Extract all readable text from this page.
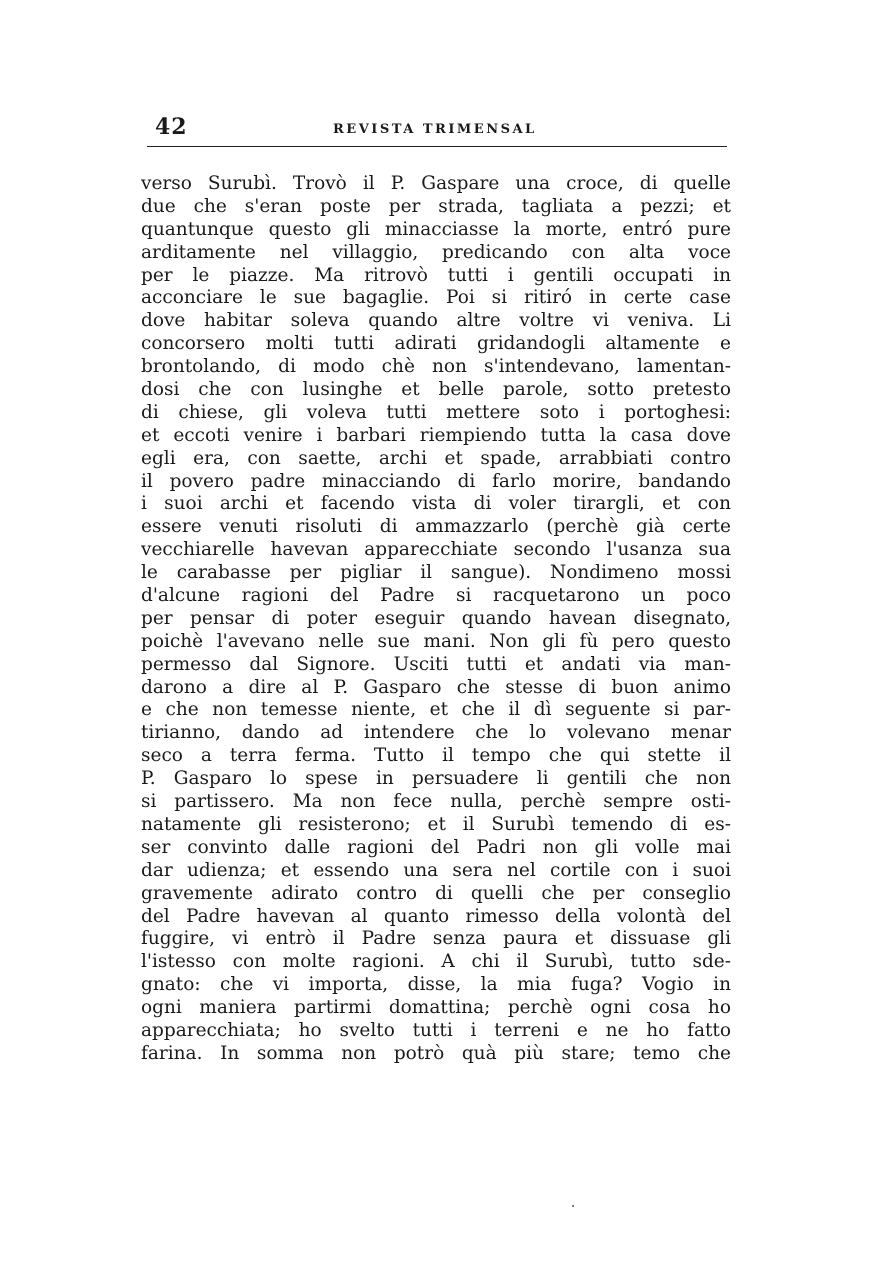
42	REVISTA TRIMENSAL
verso Surubì. Trovò il P. Gaspare una croce, di quelle
due che s'eran poste per strada, tagliata a pezzi; et
quantunque questo gli minacciasse la morte, entró pure
arditamente nel villaggio, predicando con alta voce
per le piazze. Ma ritrovò tutti i gentili occupati in
acconciare le sue bagaglie. Poi si ritiró in certe case
dove habitar soleva quando altre voltre vi veniva. Li
concorsero molti tutti adirati gridandogli altamente e
brontolando, di modo chè non s'intendevano, lamentan-
dosi che con lusinghe et belle parole, sotto pretesto
di chiese, gli voleva tutti mettere soto i portoghesi:
et eccoti venire i barbari riempiendo tutta la casa dove
egli era, con saette, archi et spade, arrabbiati contro
il povero padre minacciando di farlo morire, bandando
i suoi archi et facendo vista di voler tirargli, et con
essere venuti risoluti di ammazzarlo (perchè già certe
vecchiarelle havevan apparecchiate secondo l'usanza sua
le carabasse per pigliar il sangue). Nondimeno mossi
d'alcune ragioni del Padre si racquetarono un poco
per pensar di poter eseguir quando havean disegnato,
poichè l'avevano nelle sue mani. Non gli fù pero questo
permesso dal Signore. Usciti tutti et andati via man-
darono a dire al P. Gasparo che stesse di buon animo
e che non temesse niente, et che il dì seguente si par-
tirianno, dando ad intendere che lo volevano menar
seco a terra ferma. Tutto il tempo che qui stette il
P. Gasparo lo spese in persuadere li gentili che non
si partissero. Ma non fece nulla, perchè sempre osti-
natamente gli resisterono; et il Surubì temendo di es-
ser convinto dalle ragioni del Padri non gli volle mai
dar udienza; et essendo una sera nel cortile con i suoi
gravemente adirato contro di quelli che per conseglio
del Padre havevan al quanto rimesso della volontà del
fuggire, vi entrò il Padre senza paura et dissuase gli
l'istesso con molte ragioni. A chi il Surubì, tutto sde-
gnato: che vi importa, disse, la mia fuga? Vogio in
ogni maniera partirmi domattina; perchè ogni cosa ho
apparecchiata; ho svelto tutti i terreni e ne ho fatto
farina. In somma non potrò quà più stare; temo che
